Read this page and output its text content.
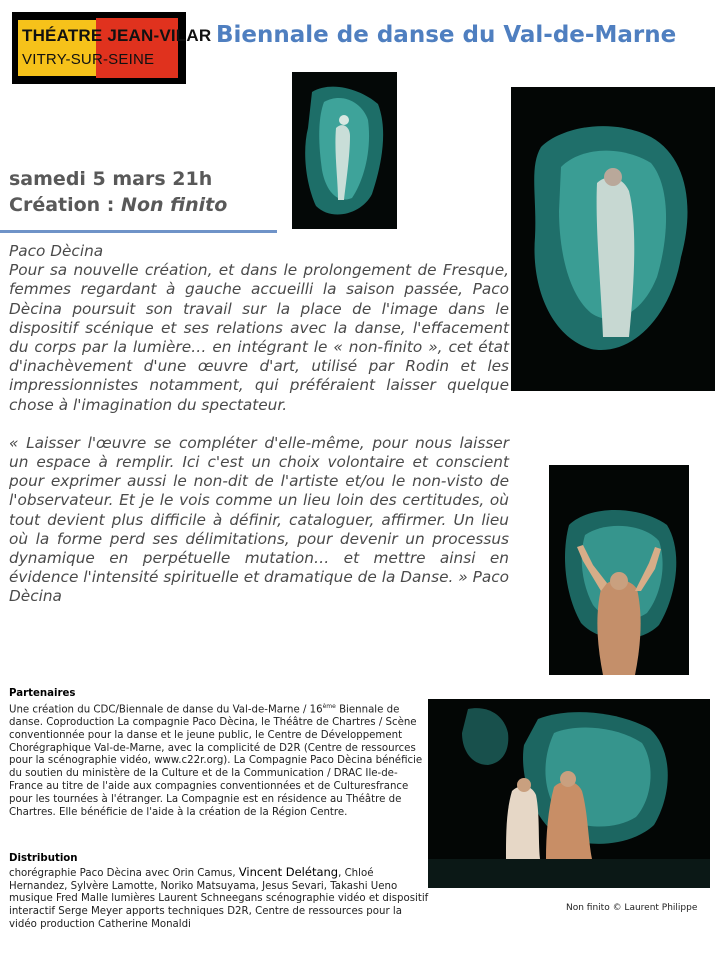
THÉATRE JEAN-VILAR
VITRY-SUR-SEINE
Biennale de danse du Val-de-Marne
samedi 5 mars 21h
Création : Non finito

Paco Dècina

Pour sa nouvelle création, et dans le prolongement de Fresque, femmes regardant à gauche accueilli la saison passée, Paco Dècina poursuit son travail sur la place de l'image dans le dispositif scénique et ses relations avec la danse, l'effacement du corps par la lumière… en intégrant le « non-finito », cet état d'inachèvement d'une œuvre d'art, utilisé par Rodin et les impressionnistes notamment, qui préféraient laisser quelque chose à l'imagination du spectateur.

« Laisser l'œuvre se compléter d'elle-même, pour nous laisser un espace à remplir. Ici c'est un choix volontaire et conscient pour exprimer aussi le non-dit de l'artiste et/ou le non-visto de l'observateur. Et je le vois comme un lieu loin des certitudes, où tout devient plus difficile à définir, cataloguer, affirmer. Un lieu où la forme perd ses délimitations, pour devenir un processus dynamique en perpétuelle mutation… et mettre ainsi en évidence l'intensité spirituelle et dramatique de la Danse. » Paco Dècina

Non finito © Laurent Philippe

Partenaires

Une création du CDC/Biennale de danse du Val-de-Marne / 16ème Biennale de danse. Coproduction La compagnie Paco Dècina, le Théâtre de Chartres / Scène conventionnée pour la danse et le jeune public, le Centre de Développement Chorégraphique Val-de-Marne, avec la complicité de D2R (Centre de ressources pour la scénographie vidéo, www.c22r.org). La Compagnie Paco Dècina bénéficie du soutien du ministère de la Culture et de la Communication / DRAC Ile-de-France au titre de l'aide aux compagnies conventionnées et de Culturesfrance pour les tournées à l'étranger. La Compagnie est en résidence au Théâtre de Chartres. Elle bénéficie de l'aide à la création de la Région Centre.

Distribution

chorégraphie Paco Dècina avec Orin Camus, Vincent Delétang, Chloé Hernandez, Sylvère Lamotte, Noriko Matsuyama, Jesus Sevari, Takashi Ueno musique Fred Malle lumières Laurent Schneegans scénographie vidéo et dispositif interactif Serge Meyer apports techniques D2R, Centre de ressources pour la vidéo production Catherine Monaldi
